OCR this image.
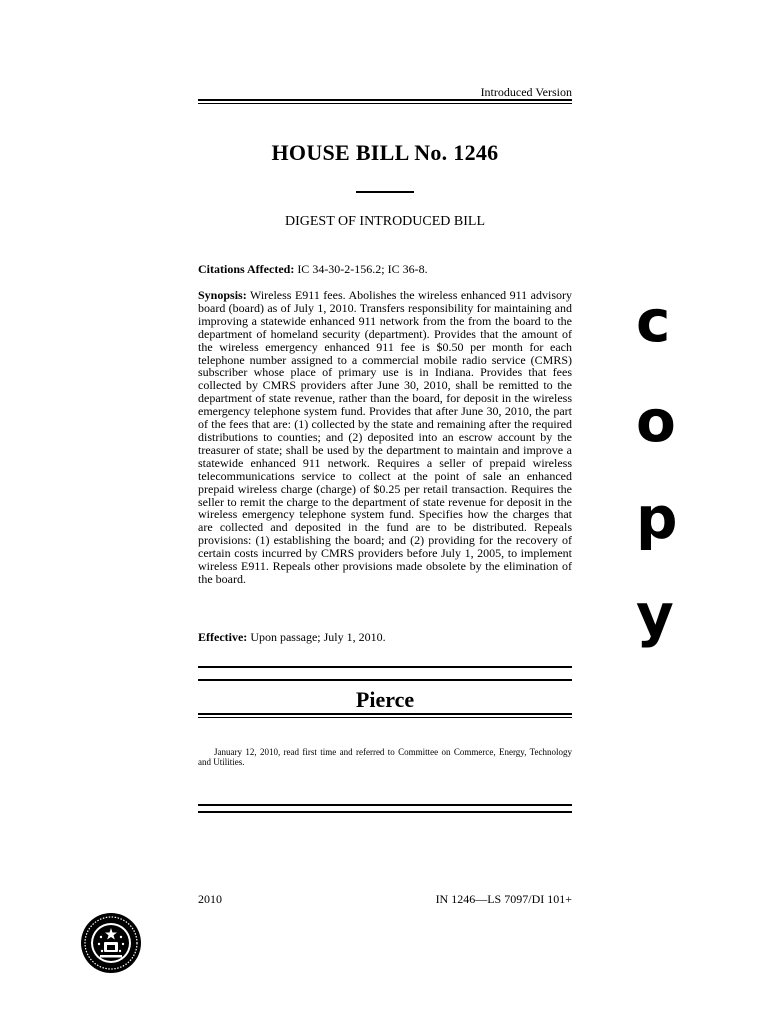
Introduced Version
HOUSE BILL No. 1246
DIGEST OF INTRODUCED BILL
Citations Affected: IC 34-30-2-156.2; IC 36-8.
Synopsis: Wireless E911 fees. Abolishes the wireless enhanced 911 advisory board (board) as of July 1, 2010. Transfers responsibility for maintaining and improving a statewide enhanced 911 network from the from the board to the department of homeland security (department). Provides that the amount of the wireless emergency enhanced 911 fee is $0.50 per month for each telephone number assigned to a commercial mobile radio service (CMRS) subscriber whose place of primary use is in Indiana. Provides that fees collected by CMRS providers after June 30, 2010, shall be remitted to the department of state revenue, rather than the board, for deposit in the wireless emergency telephone system fund. Provides that after June 30, 2010, the part of the fees that are: (1) collected by the state and remaining after the required distributions to counties; and (2) deposited into an escrow account by the treasurer of state; shall be used by the department to maintain and improve a statewide enhanced 911 network. Requires a seller of prepaid wireless telecommunications service to collect at the point of sale an enhanced prepaid wireless charge (charge) of $0.25 per retail transaction. Requires the seller to remit the charge to the department of state revenue for deposit in the wireless emergency telephone system fund. Specifies how the charges that are collected and deposited in the fund are to be distributed. Repeals provisions: (1) establishing the board; and (2) providing for the recovery of certain costs incurred by CMRS providers before July 1, 2005, to implement wireless E911. Repeals other provisions made obsolete by the elimination of the board.
Effective: Upon passage; July 1, 2010.
Pierce
January 12, 2010, read first time and referred to Committee on Commerce, Energy, Technology and Utilities.
2010	IN 1246—LS 7097/DI 101+
c
o
p
y
